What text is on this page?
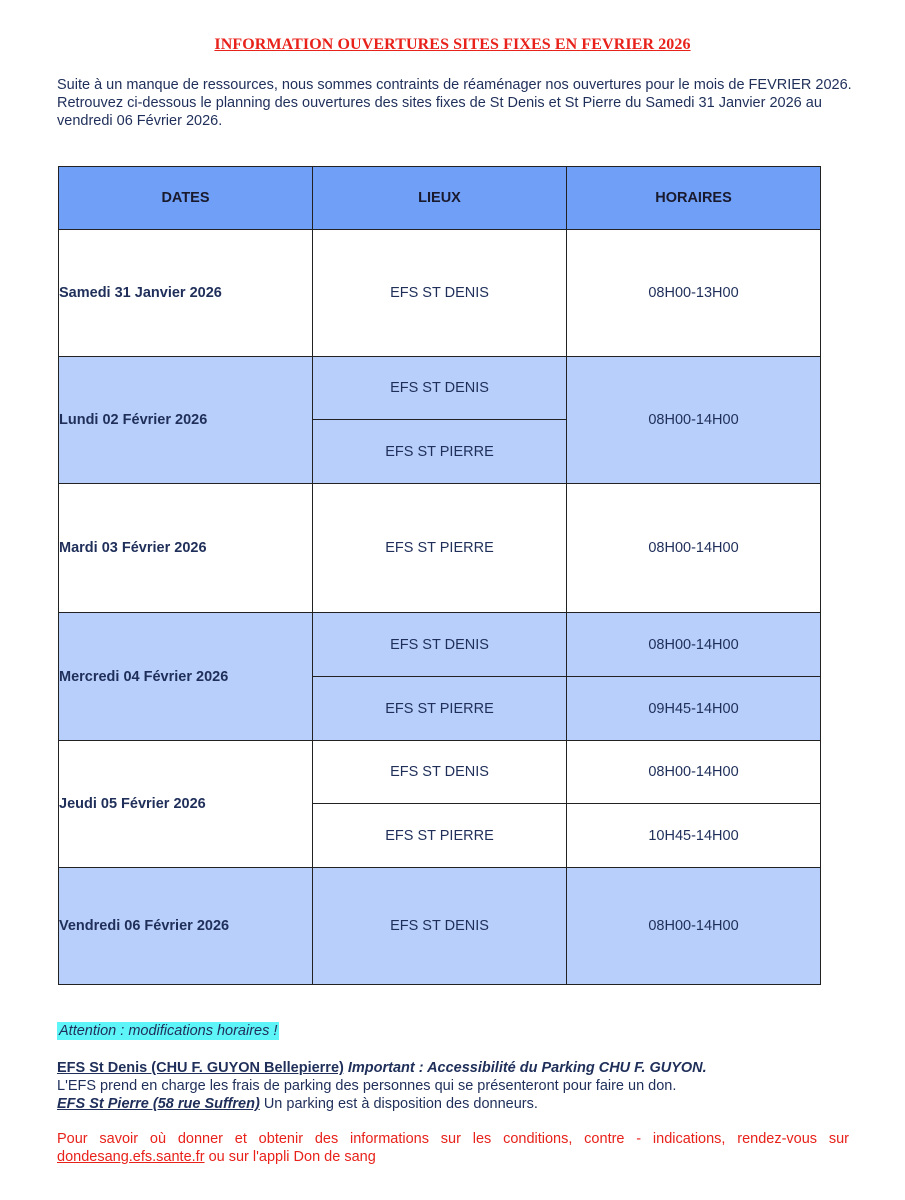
INFORMATION OUVERTURES SITES FIXES EN FEVRIER 2026

Suite à un manque de ressources, nous sommes contraints de réaménager nos ouvertures pour le mois de FEVRIER 2026.

Retrouvez ci-dessous le planning des ouvertures des sites fixes de St Denis et St Pierre du Samedi 31 Janvier 2026 au vendredi 06 Février 2026.

DATES	LIEUX	HORAIRES
Samedi 31 Janvier 2026	EFS ST DENIS	08H00-13H00
Lundi 02 Février 2026	EFS ST DENIS	08H00-14H00
	EFS ST PIERRE	
Mardi 03 Février 2026	EFS ST PIERRE	08H00-14H00
Mercredi 04 Février 2026	EFS ST DENIS	08H00-14H00
	EFS ST PIERRE	09H45-14H00
Jeudi 05 Février 2026	EFS ST DENIS	08H00-14H00
	EFS ST PIERRE	10H45-14H00
Vendredi 06 Février 2026	EFS ST DENIS	08H00-14H00
Attention : modifications horaires !

EFS St Denis (CHU F. GUYON Bellepierre) Important : Accessibilité du Parking CHU F. GUYON.

L'EFS prend en charge les frais de parking des personnes qui se présenteront pour faire un don.

EFS St Pierre (58 rue Suffren) Un parking est à disposition des donneurs.

Pour savoir où donner et obtenir des informations sur les conditions, contre - indications, rendez-vous sur dondesang.efs.sante.fr ou sur l'appli Don de sang
